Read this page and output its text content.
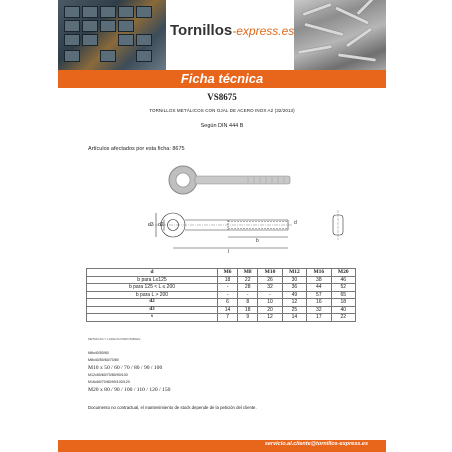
Tornillos-express.es
Ficha técnica
VS8675
TORNILLOS METÁLICOS CON OJAL DE ACERO INOX A2 (32/2013)
Según DIN 444 B
Artículos afectados por esta ficha: 8675
d3 d2
b
l
d
d	M6	M8	M10	M12	M16	M20
b para L≤125	18	22	26	30	38	46
b para 125 < L ≤ 200	-	28	32	36	44	52
b para L > 200	-	-	-	49	57	65
d2	6	8	10	12	16	18
d3	14	18	20	25	32	40
s	7	9	12	14	17	22
METRICAS Y LARGOS DISPONIBLES
M6x40/50/60
M8x40/50/60/70/80
M10 x 50 / 60 / 70 / 80 / 90 / 100
M12x50/60/70/80/90/100
M16x60/70/80/90/100/120
M20 x 80 / 90 / 100 / 110 / 120 / 150
Documento no contractual, el mantenimiento de stock depende de la petición del cliente.
servicio.al.cliente@tornillos-express.es
